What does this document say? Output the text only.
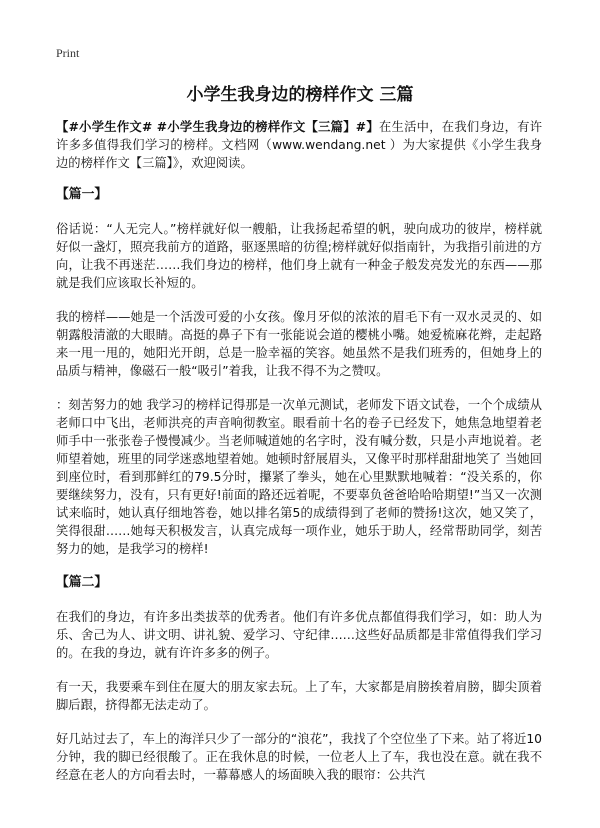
Print
小学生我身边的榜样作文 三篇

【#小学生作文# #小学生我身边的榜样作文【三篇】#】在生活中，在我们身边，有许许多多值得我们学习的榜样。文档网（www.wendang.net ）为大家提供《小学生我身边的榜样作文【三篇】》，欢迎阅读。

【篇一】

俗话说：“人无完人。”榜样就好似一艘船，让我扬起希望的帆，驶向成功的彼岸，榜样就好似一盏灯，照亮我前方的道路，驱逐黑暗的彷徨;榜样就好似指南针，为我指引前进的方向，让我不再迷茫……我们身边的榜样，他们身上就有一种金子般发亮发光的东西——那就是我们应该取长补短的。

我的榜样——她是一个活泼可爱的小女孩。像月牙似的浓浓的眉毛下有一双水灵灵的、如朝露般清澈的大眼睛。高挺的鼻子下有一张能说会道的樱桃小嘴。她爱梳麻花辫，走起路来一甩一甩的，她阳光开朗，总是一脸幸福的笑容。她虽然不是我们班秀的，但她身上的品质与精神，像磁石一般“吸引”着我，让我不得不为之赞叹。

：刻苦努力的她 我学习的榜样记得那是一次单元测试，老师发下语文试卷，一个个成绩从老师口中飞出，老师洪亮的声音响彻教室。眼看前十名的卷子已经发下，她焦急地望着老师手中一张张卷子慢慢减少。当老师喊道她的名字时，没有喊分数，只是小声地说着。老师望着她，班里的同学迷惑地望着她。她顿时舒展眉头，又像平时那样甜甜地笑了 当她回到座位时，看到那鲜红的79.5分时，攥紧了拳头，她在心里默默地喊着：“没关系的，你要继续努力，没有，只有更好!前面的路还远着呢，不要辜负爸爸哈哈哈期望!”当又一次测试来临时，她认真仔细地答卷，她以排名第5的成绩得到了老师的赞扬!这次，她又笑了，笑得很甜……她每天积极发言，认真完成每一项作业，她乐于助人，经常帮助同学，刻苦努力的她，是我学习的榜样!

【篇二】

在我们的身边，有许多出类拔萃的优秀者。他们有许多优点都值得我们学习，如：助人为乐、舍己为人、讲文明、讲礼貌、爱学习、守纪律……这些好品质都是非常值得我们学习的。在我的身边，就有许许多多的例子。

有一天，我要乘车到住在厦大的朋友家去玩。上了车，大家都是肩膀挨着肩膀，脚尖顶着脚后跟，挤得都无法走动了。

好几站过去了，车上的海洋只少了一部分的“浪花”，我找了个空位坐了下来。站了将近10分钟，我的脚已经很酸了。正在我休息的时候，一位老人上了车，我也没在意。就在我不经意在老人的方向看去时，一幕幕感人的场面映入我的眼帘：公共汽
